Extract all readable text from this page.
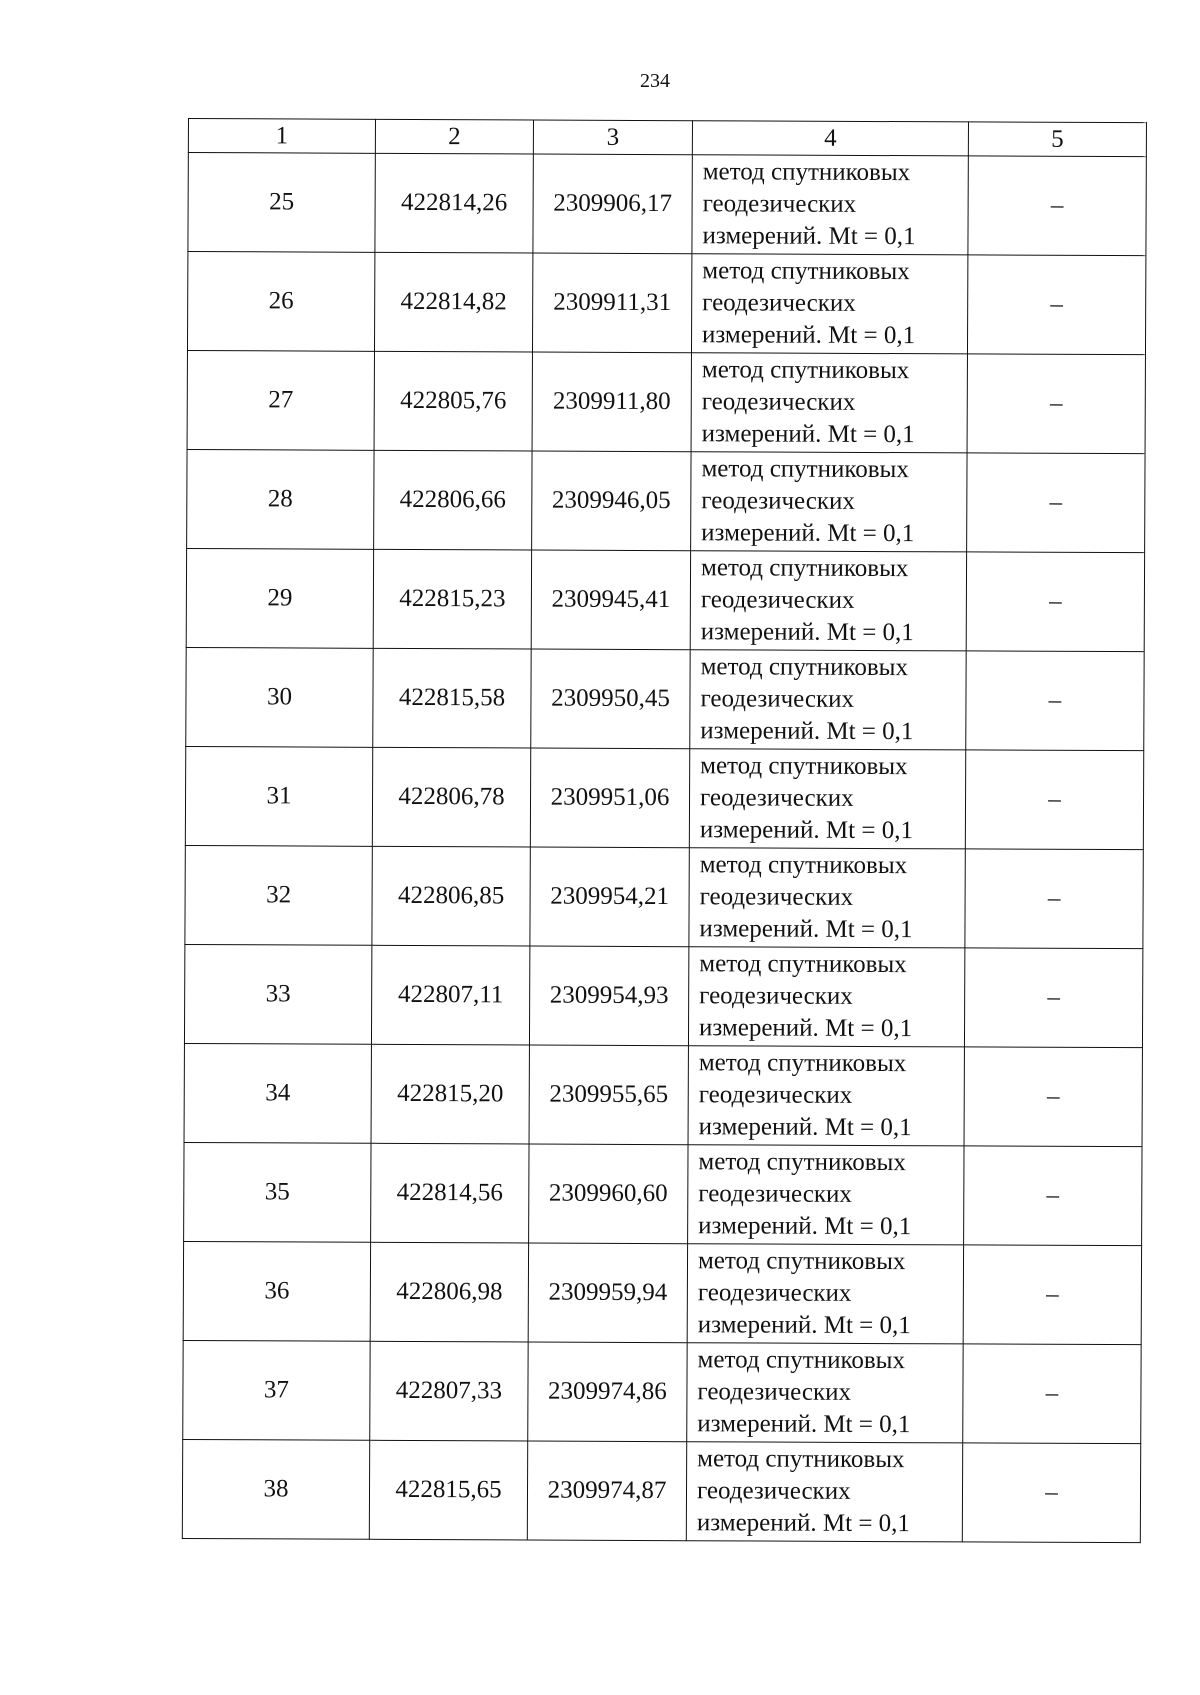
234
1	2	3	4	5
25	422814,26	2309906,17	метод спутниковых
геодезических
измерений. Mt = 0,1	–
26	422814,82	2309911,31	метод спутниковых
геодезических
измерений. Mt = 0,1	–
27	422805,76	2309911,80	метод спутниковых
геодезических
измерений. Mt = 0,1	–
28	422806,66	2309946,05	метод спутниковых
геодезических
измерений. Mt = 0,1	–
29	422815,23	2309945,41	метод спутниковых
геодезических
измерений. Mt = 0,1	–
30	422815,58	2309950,45	метод спутниковых
геодезических
измерений. Mt = 0,1	–
31	422806,78	2309951,06	метод спутниковых
геодезических
измерений. Mt = 0,1	–
32	422806,85	2309954,21	метод спутниковых
геодезических
измерений. Mt = 0,1	–
33	422807,11	2309954,93	метод спутниковых
геодезических
измерений. Mt = 0,1	–
34	422815,20	2309955,65	метод спутниковых
геодезических
измерений. Mt = 0,1	–
35	422814,56	2309960,60	метод спутниковых
геодезических
измерений. Mt = 0,1	–
36	422806,98	2309959,94	метод спутниковых
геодезических
измерений. Mt = 0,1	–
37	422807,33	2309974,86	метод спутниковых
геодезических
измерений. Mt = 0,1	–
38	422815,65	2309974,87	метод спутниковых
геодезических
измерений. Mt = 0,1	–
